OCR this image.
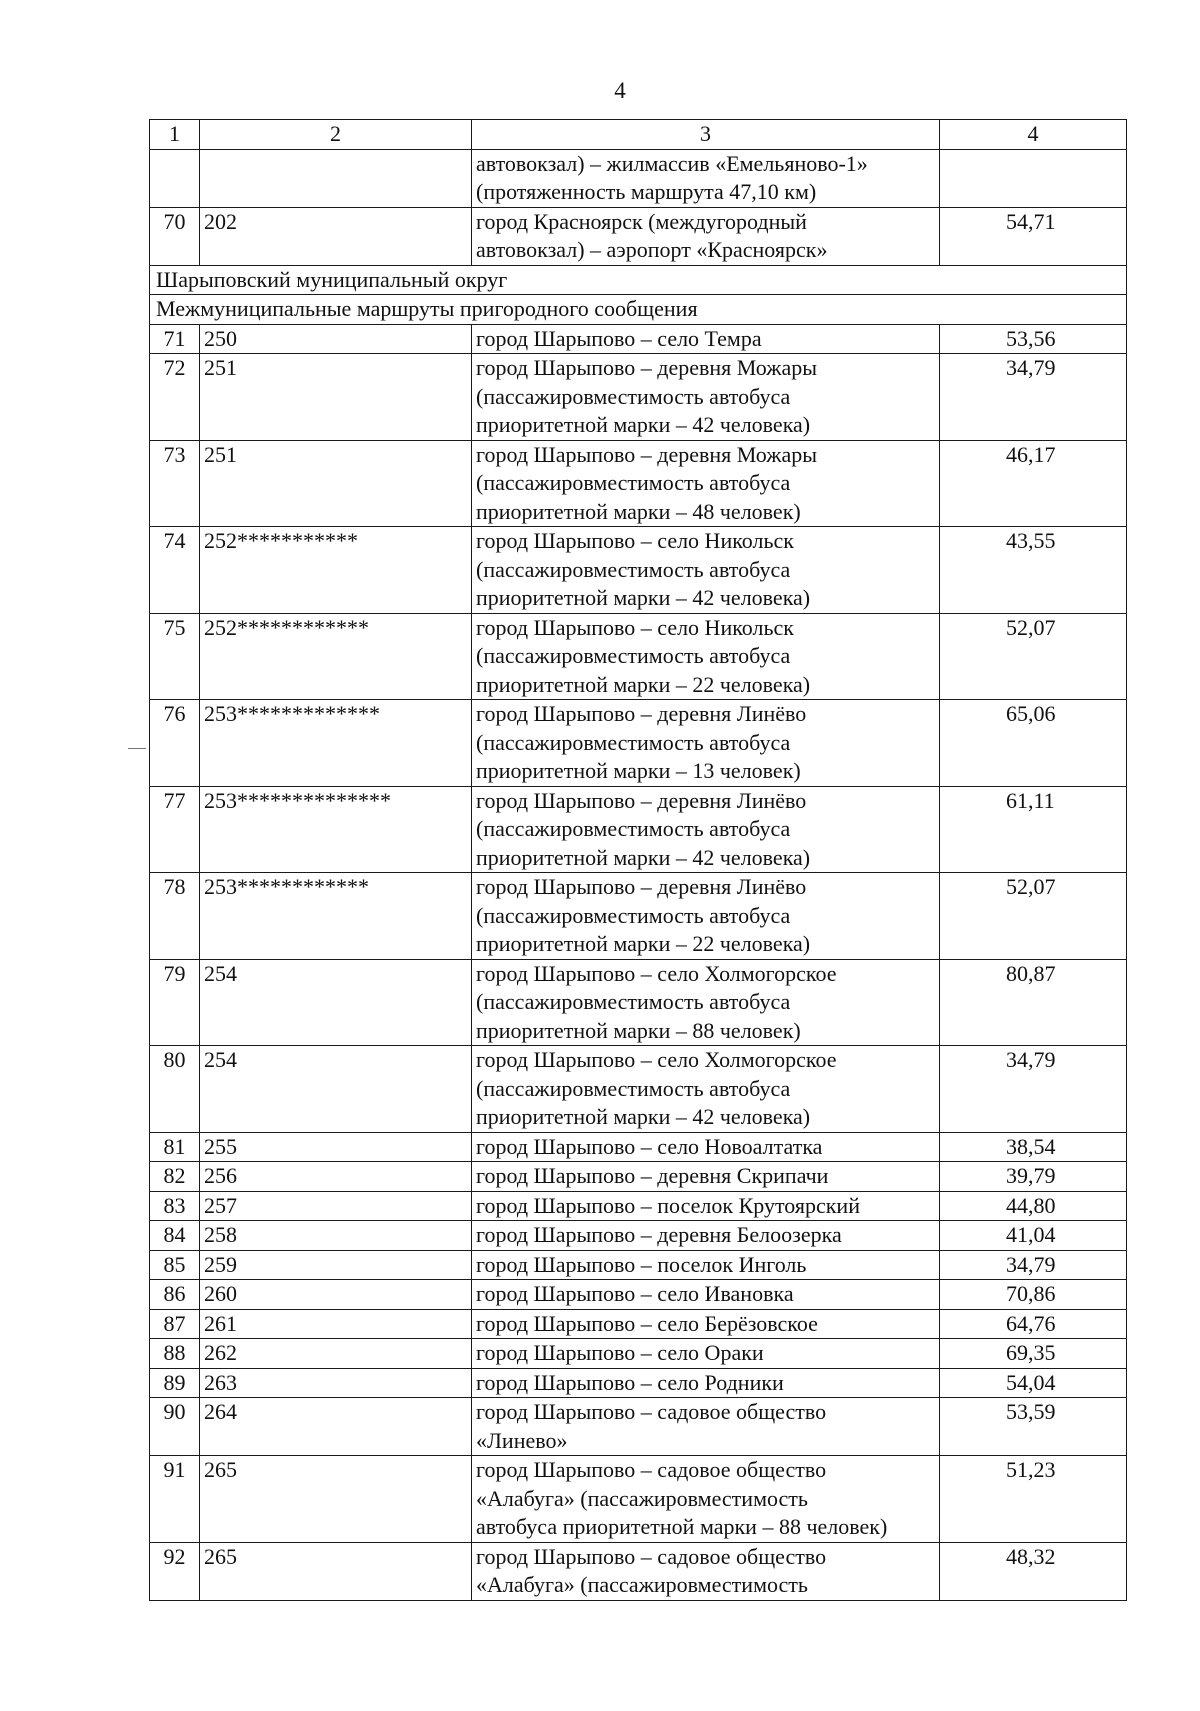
4
1	2	3	4

		автовокзал) – жилмассив «Емельяново-1»
(протяженность маршрута 47,10 км)	

70	202	город Красноярск (междугородный
автовокзал) – аэропорт «Красноярск»	54,71
Шарыповский муниципальный округ			
Межмуниципальные маршруты пригородного сообщения			
71	250	город Шарыпово – село Темра	53,56
72	251	город Шарыпово – деревня Можары
(пассажировместимость автобуса
приоритетной марки – 42 человека)	34,79
73	251	город Шарыпово – деревня Можары
(пассажировместимость автобуса
приоритетной марки – 48 человек)	46,17
74	252***********	город Шарыпово – село Никольск
(пассажировместимость автобуса
приоритетной марки – 42 человека)	43,55
75	252************	город Шарыпово – село Никольск
(пассажировместимость автобуса
приоритетной марки – 22 человека)	52,07
76	253*************	город Шарыпово – деревня Линёво
(пассажировместимость автобуса
приоритетной марки – 13 человек)	65,06
77	253**************	город Шарыпово – деревня Линёво
(пассажировместимость автобуса
приоритетной марки – 42 человека)	61,11
78	253************	город Шарыпово – деревня Линёво
(пассажировместимость автобуса
приоритетной марки – 22 человека)	52,07
79	254	город Шарыпово – село Холмогорское
(пассажировместимость автобуса
приоритетной марки – 88 человек)	80,87
80	254	город Шарыпово – село Холмогорское
(пассажировместимость автобуса
приоритетной марки – 42 человека)	34,79
81	255	город Шарыпово – село Новоалтатка	38,54
82	256	город Шарыпово – деревня Скрипачи	39,79
83	257	город Шарыпово – поселок Крутоярский	44,80
84	258	город Шарыпово – деревня Белоозерка	41,04
85	259	город Шарыпово – поселок Инголь	34,79
86	260	город Шарыпово – село Ивановка	70,86
87	261	город Шарыпово – село Берёзовское	64,76
88	262	город Шарыпово – село Ораки	69,35
89	263	город Шарыпово – село Родники	54,04
90	264	город Шарыпово – садовое общество
«Линево»	53,59
91	265	город Шарыпово – садовое общество
«Алабуга» (пассажировместимость
автобуса приоритетной марки – 88 человек)	51,23
92	265	город Шарыпово – садовое общество
«Алабуга» (пассажировместимость	48,32
